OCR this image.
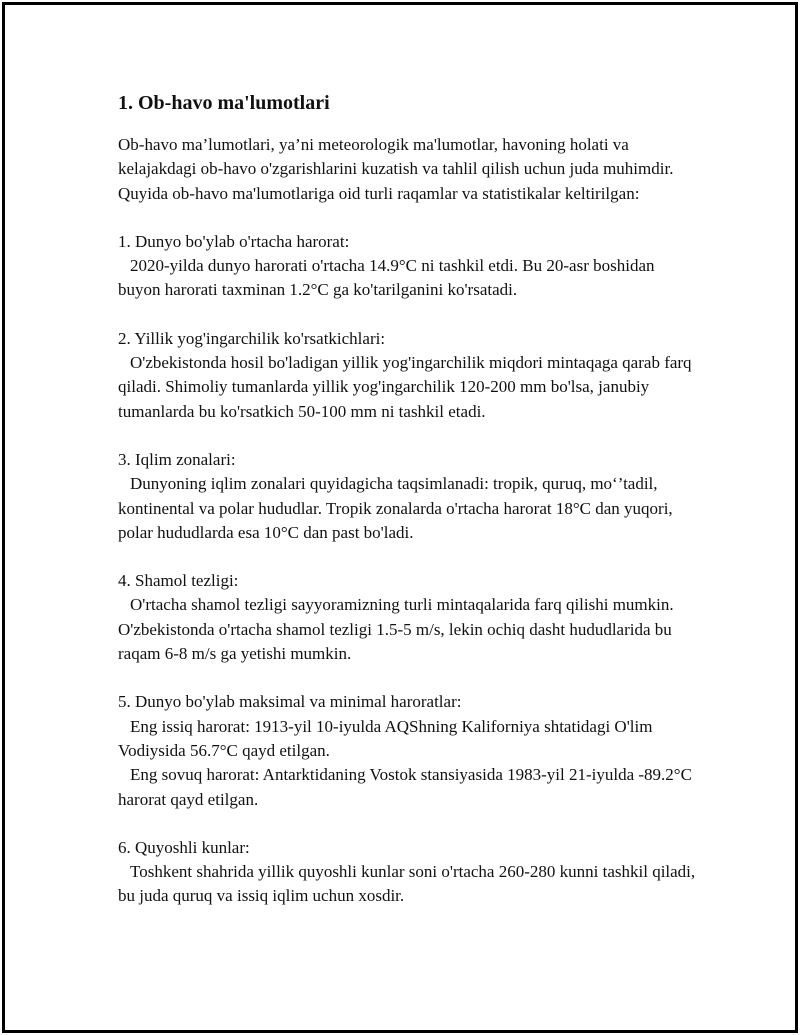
1. Ob-havo ma'lumotlari

Ob-havo ma’lumotlari, ya’ni meteorologik ma'lumotlar, havoning holati va kelajakdagi ob-havo o'zgarishlarini kuzatish va tahlil qilish uchun juda muhimdir. Quyida ob-havo ma'lumotlariga oid turli raqamlar va statistikalar keltirilgan:

1. Dunyo bo'ylab o'rtacha harorat:
2020-yilda dunyo harorati o'rtacha 14.9°C ni tashkil etdi. Bu 20-asr boshidan buyon harorati taxminan 1.2°C ga ko'tarilganini ko'rsatadi.
2. Yillik yog'ingarchilik ko'rsatkichlari:
O'zbekistonda hosil bo'ladigan yillik yog'ingarchilik miqdori mintaqaga qarab farq qiladi. Shimoliy tumanlarda yillik yog'ingarchilik 120-200 mm bo'lsa, janubiy tumanlarda bu ko'rsatkich 50-100 mm ni tashkil etadi.
3. Iqlim zonalari:
Dunyoning iqlim zonalari quyidagicha taqsimlanadi: tropik, quruq, mo‘’tadil, kontinental va polar hududlar. Tropik zonalarda o'rtacha harorat 18°C dan yuqori, polar hududlarda esa 10°C dan past bo'ladi.
4. Shamol tezligi:
O'rtacha shamol tezligi sayyoramizning turli mintaqalarida farq qilishi mumkin. O'zbekistonda o'rtacha shamol tezligi 1.5-5 m/s, lekin ochiq dasht hududlarida bu raqam 6-8 m/s ga yetishi mumkin.
5. Dunyo bo'ylab maksimal va minimal haroratlar:
Eng issiq harorat: 1913-yil 10-iyulda AQShning Kaliforniya shtatidagi O'lim Vodiysida 56.7°C qayd etilgan.
Eng sovuq harorat: Antarktidaning Vostok stansiyasida 1983-yil 21-iyulda -89.2°C harorat qayd etilgan.
6. Quyoshli kunlar:
Toshkent shahrida yillik quyoshli kunlar soni o'rtacha 260-280 kunni tashkil qiladi, bu juda quruq va issiq iqlim uchun xosdir.
